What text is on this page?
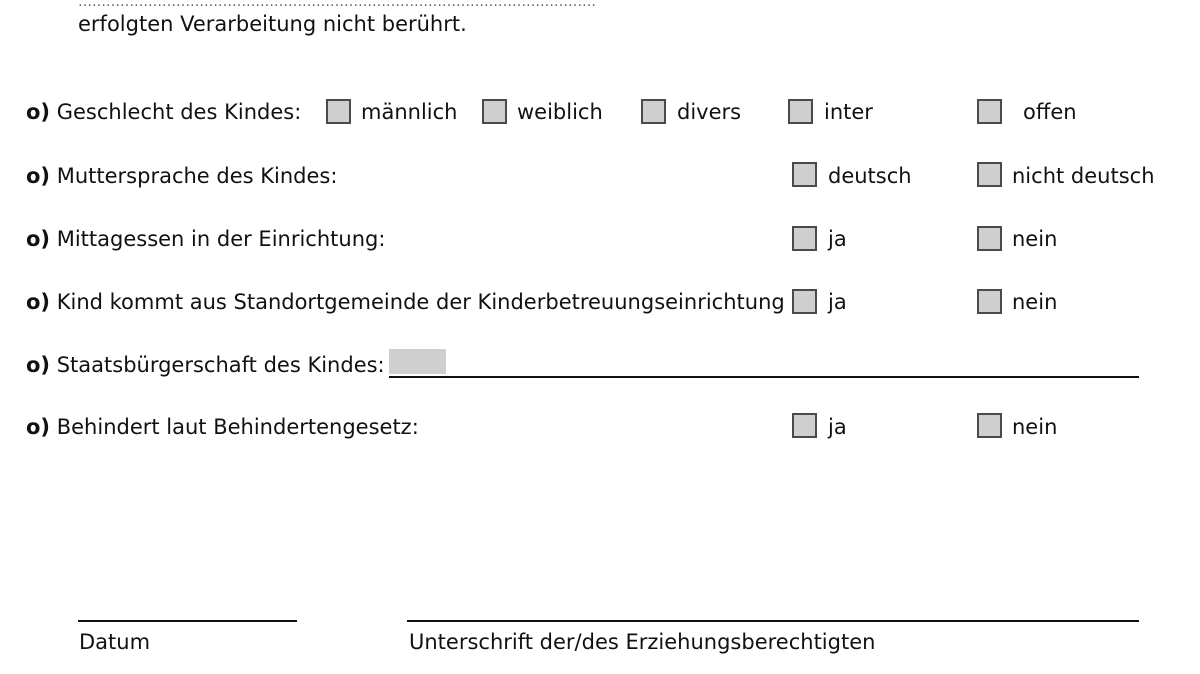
…………………………………………………………………………………………………
erfolgten Verarbeitung nicht berührt.
o) Geschlecht des Kindes:	männlich	weiblich	divers	inter	offen
o) Muttersprache des Kindes:	deutsch	nicht deutsch
o) Mittagessen in der Einrichtung:	ja	nein
o) Kind kommt aus Standortgemeinde der Kinderbetreuungseinrichtung ja	nein
o) Staatsbürgerschaft des Kindes:
o) Behindert laut Behindertengesetz:	ja	nein
Datum	Unterschrift der/des Erziehungsberechtigten
